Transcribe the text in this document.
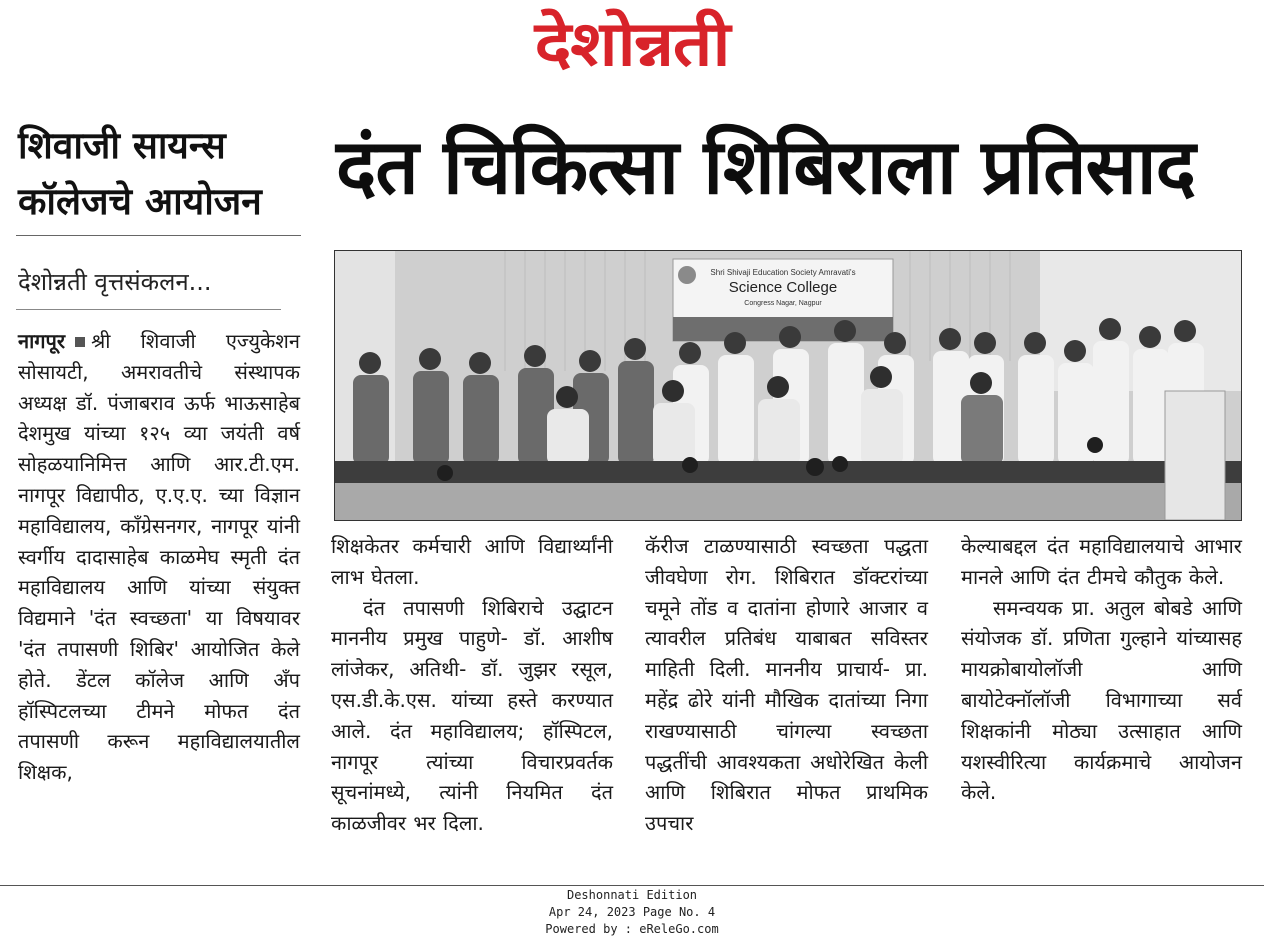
देशोन्नती
शिवाजी सायन्स
कॉलेजचे आयोजन दंत चिकित्सा शिबिराला प्रतिसाद
देशोन्नती वृत्तसंकलन...	Shri Shivaji Education Society Amravati's
Science College
Congress Nagar, Nagpur

नागपूर श्री शिवाजी एज्युकेशन सोसायटी, अमरावतीचे संस्थापक अध्यक्ष डॉ. पंजाबराव ऊर्फ भाऊसाहेब देशमुख यांच्या १२५ व्या जयंती वर्ष सोहळयानिमित्त आणि आर.टी.एम. नागपूर विद्यापीठ, ए.ए.ए. च्या विज्ञान महाविद्यालय, कॉंग्रेसनगर, नागपूर यांनी स्वर्गीय दादासाहेब काळमेघ स्मृती दंत महाविद्यालय आणि यांच्या संयुक्त विद्यमाने 'दंत स्वच्छता' या विषयावर 'दंत तपासणी शिबिर' आयोजित केले होते. डेंटल कॉलेज आणि अँप हॉस्पिटलच्या टीमने मोफत दंत तपासणी करून महाविद्यालयातील शिक्षक,

शिक्षकेतर कर्मचारी आणि विद्यार्थ्यांनी लाभ घेतला.

दंत तपासणी शिबिराचे उद्घाटन माननीय प्रमुख पाहुणे- डॉ. आशीष लांजेकर, अतिथी- डॉ. जुझर रसूल, एस.डी.के.एस. यांच्या हस्ते करण्यात आले. दंत महाविद्यालय; हॉस्पिटल, नागपूर त्यांच्या विचारप्रवर्तक सूचनांमध्ये, त्यांनी नियमित दंत काळजीवर भर दिला.

कॅरीज टाळण्यासाठी स्वच्छता पद्धता जीवघेणा रोग. शिबिरात डॉक्टरांच्या चमूने तोंड व दातांना होणारे आजार व त्यावरील प्रतिबंध याबाबत सविस्तर माहिती दिली. माननीय प्राचार्य- प्रा. महेंद्र ढोरे यांनी मौखिक दातांच्या निगा राखण्यासाठी चांगल्या स्वच्छता पद्धतींची आवश्यकता अधोरेखित केली आणि शिबिरात मोफत प्राथमिक उपचार

केल्याबद्दल दंत महाविद्यालयाचे आभार मानले आणि दंत टीमचे कौतुक केले.

समन्वयक प्रा. अतुल बोबडे आणि संयोजक डॉ. प्रणिता गुल्हाने यांच्यासह मायक्रोबायोलॉजी आणि बायोटेक्नॉलॉजी विभागाच्या सर्व शिक्षकांनी मोठ्या उत्साहात आणि यशस्वीरित्या कार्यक्रमाचे आयोजन केले.

Deshonnati Edition
Apr 24, 2023 Page No. 4
Powered by : eReleGo.com
